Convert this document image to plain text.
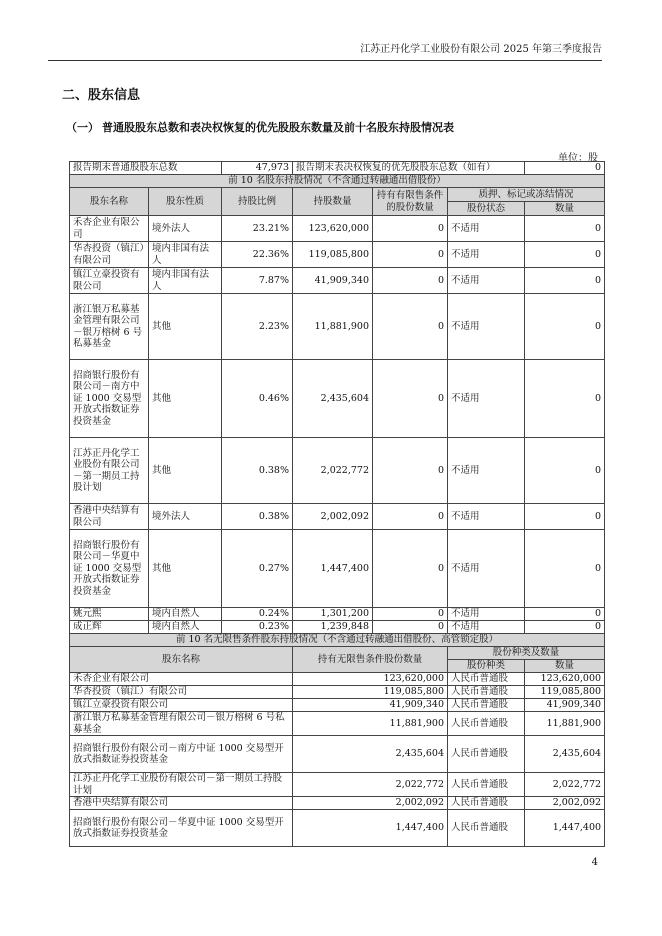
江苏正丹化学工业股份有限公司 2025 年第三季度报告
二、股东信息
（一） 普通股股东总数和表决权恢复的优先股股东数量及前十名股东持股情况表
单位：股
报告期末普通股股东总数		47,973	报告期末表决权恢复的优先股股东总数（如有）			0
前 10 名股东持股情况（不含通过转融通出借股份）						
股东名称	股东性质	持股比例	持股数量	持有有限售条件的股份数量	质押、标记或冻结情况	
					股份状态	数量
禾杏企业有限公司	境外法人	23.21%	123,620,000	0	不适用	0
华杏投资（镇江）有限公司	境内非国有法人	22.36%	119,085,800	0	不适用	0
镇江立豪投资有限公司	境内非国有法人	7.87%	41,909,340	0	不适用	0
浙江银万私募基金管理有限公司－银万榕树 6 号私募基金	其他	2.23%	11,881,900	0	不适用	0
招商银行股份有限公司－南方中证 1000 交易型开放式指数证券投资基金	其他	0.46%	2,435,604	0	不适用	0
江苏正丹化学工业股份有限公司－第一期员工持股计划	其他	0.38%	2,022,772	0	不适用	0
香港中央结算有限公司	境外法人	0.38%	2,002,092	0	不适用	0
招商银行股份有限公司－华夏中证 1000 交易型开放式指数证券投资基金	其他	0.27%	1,447,400	0	不适用	0
姚元熙	境内自然人	0.24%	1,301,200	0	不适用	0
成正辉	境内自然人	0.23%	1,239,848	0	不适用	0
前 10 名无限售条件股东持股情况（不含通过转融通出借股份、高管锁定股）						
股东名称			持有无限售条件股份数量		股份种类及数量	
					股份种类	数量
禾杏企业有限公司			123,620,000		人民币普通股	123,620,000
华杏投资（镇江）有限公司			119,085,800		人民币普通股	119,085,800
镇江立豪投资有限公司			41,909,340		人民币普通股	41,909,340
浙江银万私募基金管理有限公司－银万榕树 6 号私募基金			11,881,900		人民币普通股	11,881,900
招商银行股份有限公司－南方中证 1000 交易型开放式指数证券投资基金			2,435,604		人民币普通股	2,435,604
江苏正丹化学工业股份有限公司－第一期员工持股计划			2,022,772		人民币普通股	2,022,772
香港中央结算有限公司			2,002,092		人民币普通股	2,002,092
招商银行股份有限公司－华夏中证 1000 交易型开放式指数证券投资基金			1,447,400		人民币普通股	1,447,400
4
